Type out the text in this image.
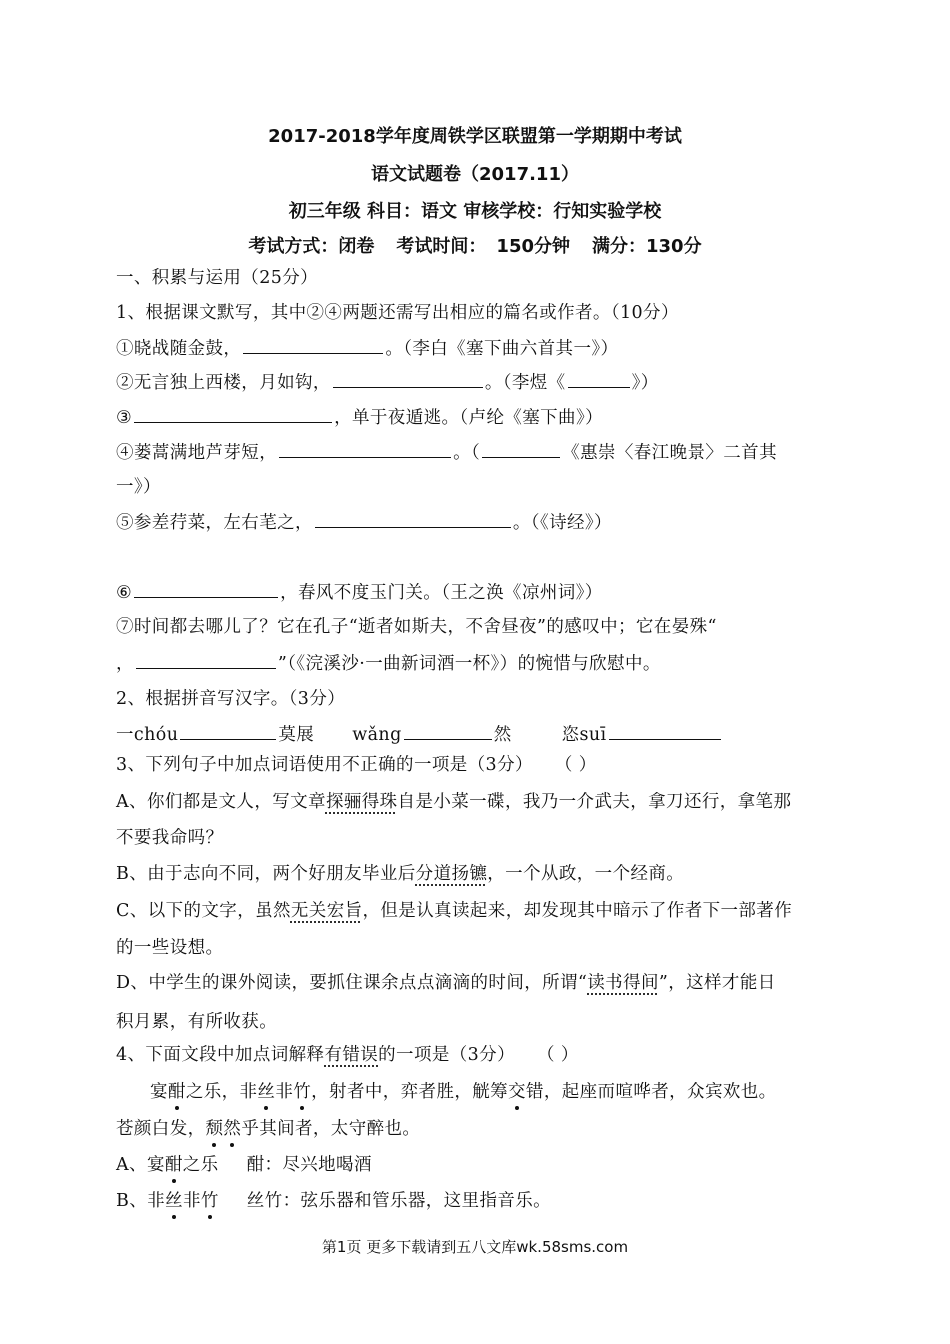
2017-2018学年度周铁学区联盟第一学期期中考试
语文试题卷（2017.11）
初三年级 科目：语文 审核学校：行知实验学校
考试方式：闭卷 考试时间： 150分钟 满分：130分
一、积累与运用（25分）
1、根据课文默写，其中②④两题还需写出相应的篇名或作者。（10分）
①晓战随金鼓，	。（李白《塞下曲六首其一》）
②无言独上西楼，月如钩，	。（李煜《	》）
③	，单于夜遁逃。（卢纶《塞下曲》）
④蒌蒿满地芦芽短，	。（	《惠崇〈春江晚景〉二首其
一》）
⑤参差荇菜，左右芼之，	。（《诗经》）
⑥	，春风不度玉门关。（王之涣《凉州词》）
⑦时间都去哪儿了？它在孔子“逝者如斯夫，不舍昼夜”的感叹中；它在晏殊“
，	”（《浣溪沙·一曲新词酒一杯》）的惋惜与欣慰中。
2、根据拼音写汉字。（3分）
一chóu	莫展 wǎng	然	恣suī
3、下列句子中加点词语使用不正确的一项是（3分） （ ）
A、你们都是文人，写文章探骊得珠自是小菜一碟，我乃一介武夫，拿刀还行，拿笔那
不要我命吗？
B、由于志向不同，两个好朋友毕业后分道扬镳，一个从政，一个经商。
C、以下的文字，虽然无关宏旨，但是认真读起来，却发现其中暗示了作者下一部著作
的一些设想。
D、中学生的课外阅读，要抓住课余点点滴滴的时间，所谓“读书得间”，这样才能日
积月累，有所收获。
4、下面文段中加点词解释有错误的一项是（3分） （ ）
宴酣之乐，非丝非竹，射者中，弈者胜，觥筹交错，起座而喧哗者，众宾欢也。
苍颜白发，颓然乎其间者，太守醉也。
A、宴酣之乐 酣：尽兴地喝酒
B、非丝非竹 丝竹：弦乐器和管乐器，这里指音乐。
第1页 更多下载请到五八文库wk.58sms.com
